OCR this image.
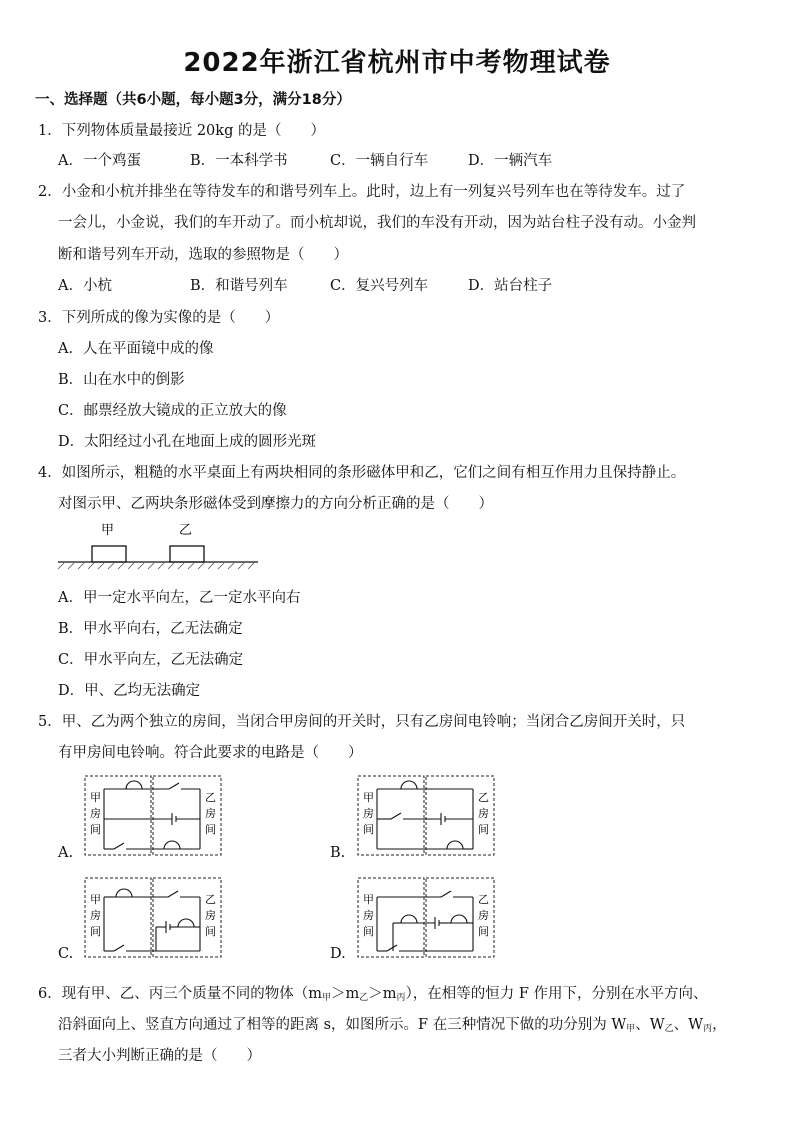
2022年浙江省杭州市中考物理试卷
一、选择题（共6小题，每小题3分，满分18分）
1．下列物体质量最接近 20kg 的是（　　）
A．一个鸡蛋	B．一本科学书	C．一辆自行车	D．一辆汽车
2．小金和小杭并排坐在等待发车的和谐号列车上。此时，边上有一列复兴号列车也在等待发车。过了
一会儿，小金说，我们的车开动了。而小杭却说，我们的车没有开动，因为站台柱子没有动。小金判
断和谐号列车开动，选取的参照物是（　　）
A．小杭	B．和谐号列车	C．复兴号列车	D．站台柱子
3．下列所成的像为实像的是（　　）
A．人在平面镜中成的像
B．山在水中的倒影
C．邮票经放大镜成的正立放大的像
D．太阳经过小孔在地面上成的圆形光斑
4．如图所示，粗糙的水平桌面上有两块相同的条形磁体甲和乙，它们之间有相互作用力且保持静止。
对图示甲、乙两块条形磁体受到摩擦力的方向分析正确的是（　　）
甲	乙
A．甲一定水平向左，乙一定水平向右
B．甲水平向右，乙无法确定
C．甲水平向左，乙无法确定
D．甲、乙均无法确定
5．甲、乙为两个独立的房间，当闭合甲房间的开关时，只有乙房间电铃响；当闭合乙房间开关时，只
有甲房间电铃响。符合此要求的电路是（　　）
A.
甲
房
间
乙
房
间
B.
甲
房
间
乙
房
间
C.
甲
房
间
乙
房
间
D.
甲
房
间
乙
房
间
6．现有甲、乙、丙三个质量不同的物体$(m_甲>m_乙>m_丙)$，在相等的恒力 F 作用下，分别在水平方向、
沿斜面向上、竖直方向通过了相等的距离 s，如图所示。F 在三种情况下做的功分别为 $W_甲$、$W_乙$、$W_丙$，
三者大小判断正确的是（　　）
